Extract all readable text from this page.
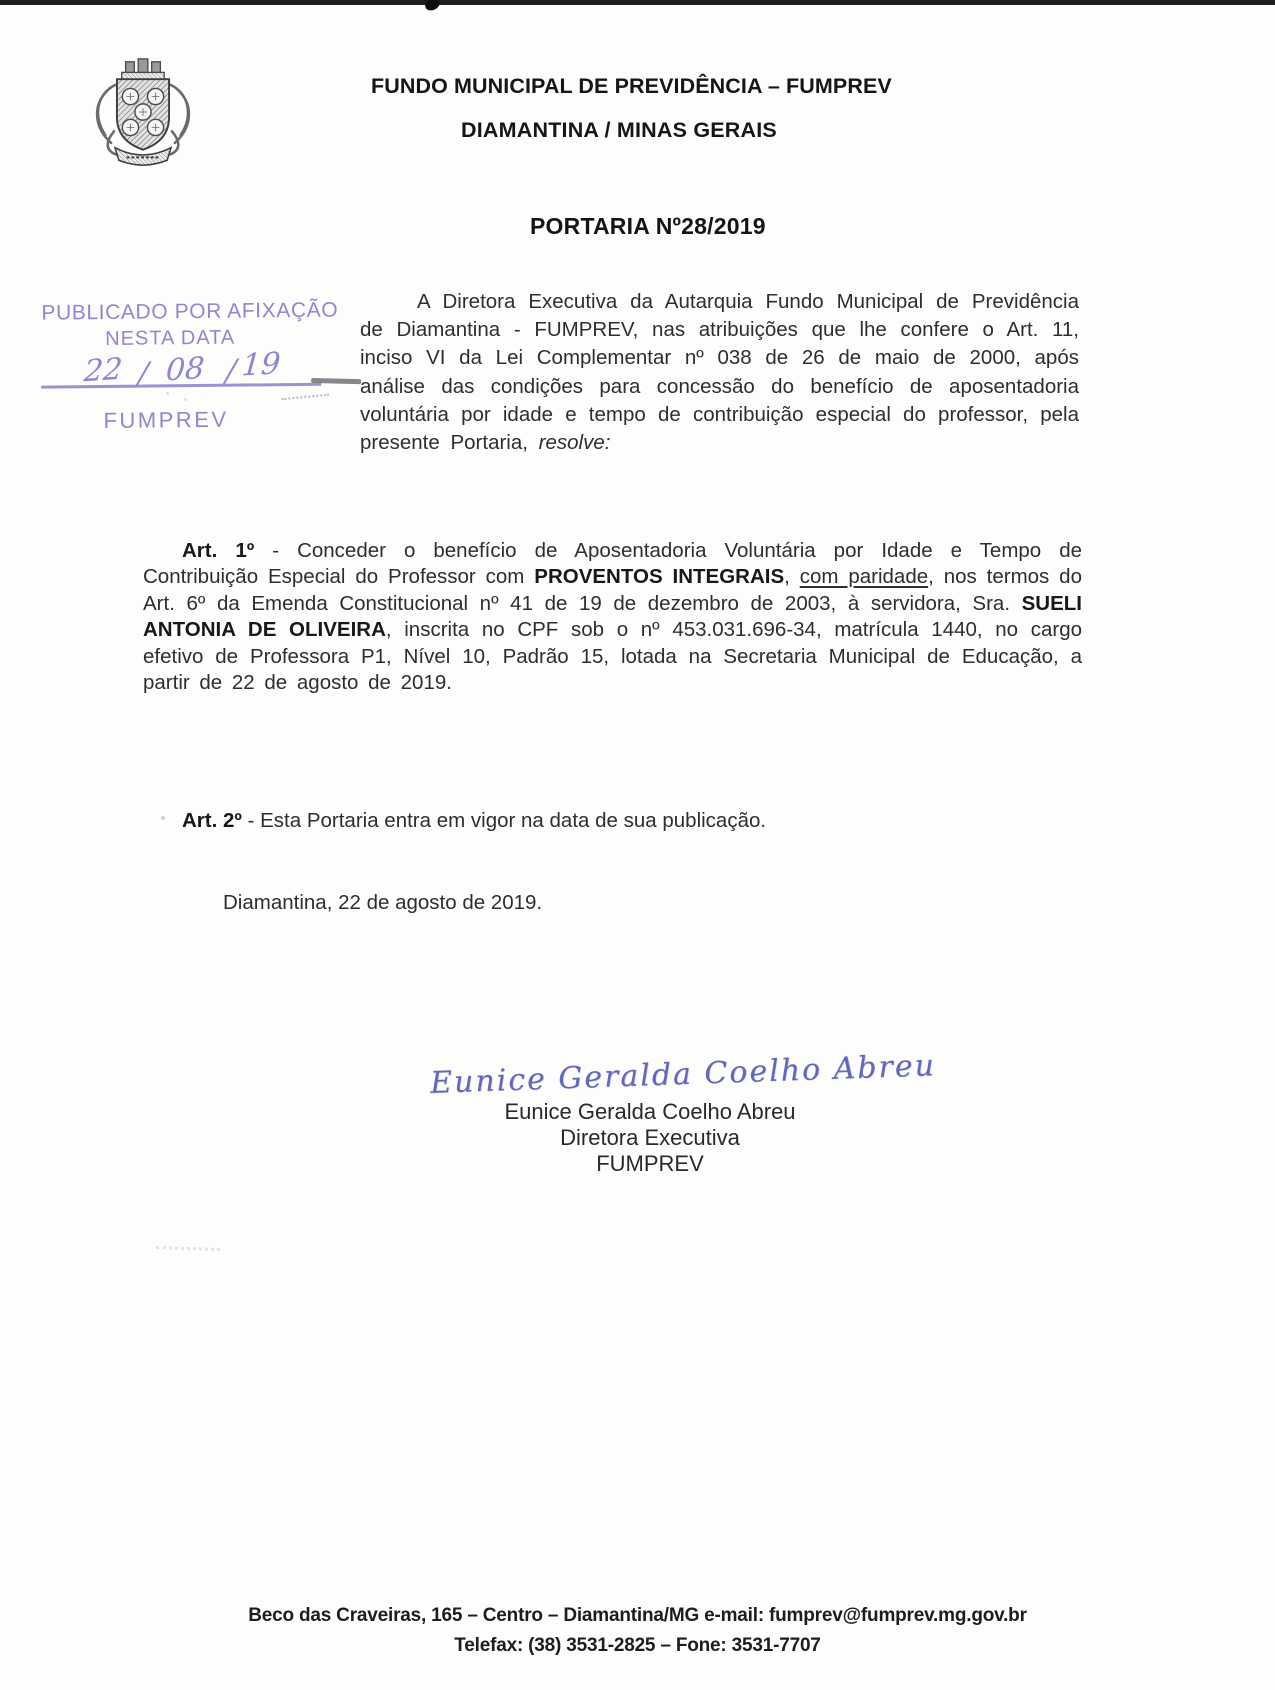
FUNDO MUNICIPAL DE PREVIDÊNCIA – FUMPREV
DIAMANTINA / MINAS GERAIS
PORTARIA Nº28/2019
PUBLICADO POR AFIXAÇÃO
NESTA DATA
22 / 08 / 19
FUMPREV

A Diretora Executiva da Autarquia Fundo Municipal de Previdência de Diamantina - FUMPREV, nas atribuições que lhe confere o Art. 11, inciso VI da Lei Complementar nº 038 de 26 de maio de 2000, após análise das condições para concessão do benefício de aposentadoria voluntária por idade e tempo de contribuição especial do professor, pela presente Portaria, resolve:

Art. 1º - Conceder o benefício de Aposentadoria Voluntária por Idade e Tempo de Contribuição Especial do Professor com PROVENTOS INTEGRAIS, com paridade, nos termos do Art. 6º da Emenda Constitucional nº 41 de 19 de dezembro de 2003, à servidora, Sra. SUELI ANTONIA DE OLIVEIRA, inscrita no CPF sob o nº 453.031.696-34, matrícula 1440, no cargo efetivo de Professora P1, Nível 10, Padrão 15, lotada na Secretaria Municipal de Educação, a partir de 22 de agosto de 2019.

Art. 2º - Esta Portaria entra em vigor na data de sua publicação.

Diamantina, 22 de agosto de 2019.

Eunice Geralda Coelho Abreu
Eunice Geralda Coelho Abreu
Diretora Executiva
FUMPREV
Beco das Craveiras, 165 – Centro – Diamantina/MG e-mail: fumprev@fumprev.mg.gov.br
Telefax: (38) 3531-2825 – Fone: 3531-7707
